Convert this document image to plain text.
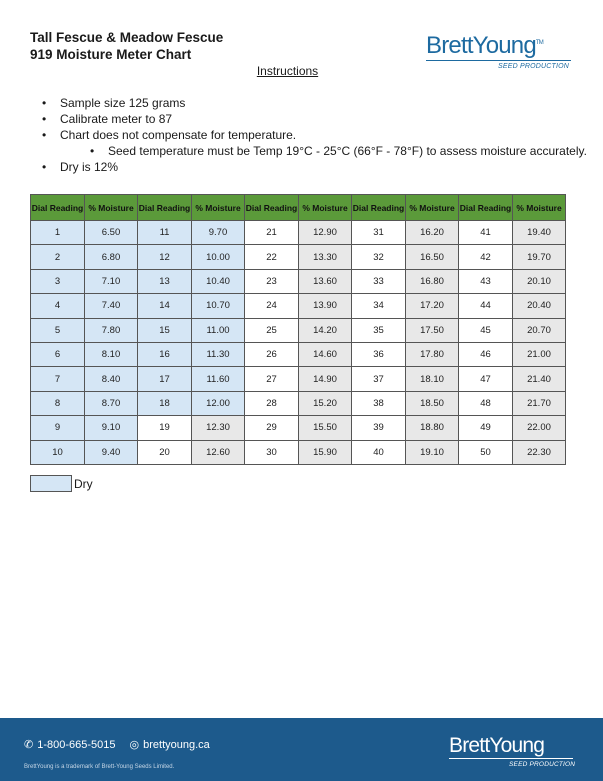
Tall Fescue & Meadow Fescue
919 Moisture Meter Chart	BrettYoung™
SEED PRODUCTION
Instructions
• Sample size 125 grams
• Calibrate meter to 87
• Chart does not compensate for temperature.
• Seed temperature must be Temp 19°C - 25°C (66°F - 78°F) to assess moisture accurately.
• Dry is 12%
Dial Reading	% Moisture	Dial Reading	% Moisture	Dial Reading	% Moisture	Dial Reading	% Moisture	Dial Reading	% Moisture
1	6.50	11	9.70	21	12.90	31	16.20	41	19.40
2	6.80	12	10.00	22	13.30	32	16.50	42	19.70
3	7.10	13	10.40	23	13.60	33	16.80	43	20.10
4	7.40	14	10.70	24	13.90	34	17.20	44	20.40
5	7.80	15	11.00	25	14.20	35	17.50	45	20.70
6	8.10	16	11.30	26	14.60	36	17.80	46	21.00
7	8.40	17	11.60	27	14.90	37	18.10	47	21.40
8	8.70	18	12.00	28	15.20	38	18.50	48	21.70
9	9.10	19	12.30	29	15.50	39	18.80	49	22.00
10	9.40	20	12.60	30	15.90	40	19.10	50	22.30
Dry
✆ 1-800-665-5015 ◎ brettyoung.ca
BrettYoung is a trademark of Brett-Young Seeds Limited.
BrettYoung
SEED PRODUCTION
